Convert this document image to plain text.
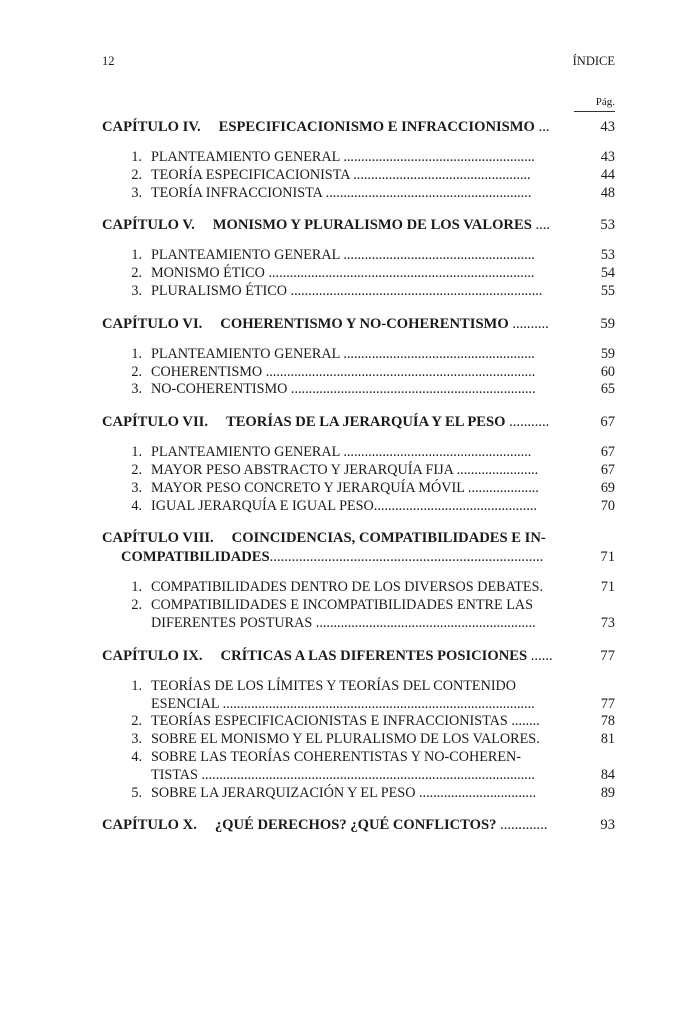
12	ÍNDICE
Pág.
CAPÍTULO IV. ESPECIFICACIONISMO E INFRACCIONISMO ...	43
1. PLANTEAMIENTO GENERAL ......................................................	43
2. TEORÍA ESPECIFICACIONISTA ..................................................	44
3. TEORÍA INFRACCIONISTA ..........................................................	48
CAPÍTULO V. MONISMO Y PLURALISMO DE LOS VALORES ....	53
1. PLANTEAMIENTO GENERAL ......................................................	53
2. MONISMO ÉTICO ...........................................................................	54
3. PLURALISMO ÉTICO .......................................................................	55
CAPÍTULO VI. COHERENTISMO Y NO-COHERENTISMO ..........	59
1. PLANTEAMIENTO GENERAL ......................................................	59
2. COHERENTISMO ............................................................................	60
3. NO-COHERENTISMO .....................................................................	65
CAPÍTULO VII. TEORÍAS DE LA JERARQUÍA Y EL PESO ...........	67
1. PLANTEAMIENTO GENERAL .....................................................	67
2. MAYOR PESO ABSTRACTO Y JERARQUÍA FIJA .......................	67
3. MAYOR PESO CONCRETO Y JERARQUÍA MÓVIL ....................	69
4. IGUAL JERARQUÍA E IGUAL PESO..............................................	70
CAPÍTULO VIII. COINCIDENCIAS, COMPATIBILIDADES E IN-
COMPATIBILIDADES...........................................................................	71
1. COMPATIBILIDADES DENTRO DE LOS DIVERSOS DEBATES.	71
2. COMPATIBILIDADES E INCOMPATIBILIDADES ENTRE LAS
DIFERENTES POSTURAS ..............................................................	73
CAPÍTULO IX. CRÍTICAS A LAS DIFERENTES POSICIONES ......	77
1. TEORÍAS DE LOS LÍMITES Y TEORÍAS DEL CONTENIDO
ESENCIAL ........................................................................................	77
2. TEORÍAS ESPECIFICACIONISTAS E INFRACCIONISTAS ........	78
3. SOBRE EL MONISMO Y EL PLURALISMO DE LOS VALORES.	81
4. SOBRE LAS TEORÍAS COHERENTISTAS Y NO-COHEREN-
TISTAS ..............................................................................................	84
5. SOBRE LA JERARQUIZACIÓN Y EL PESO .................................	89
CAPÍTULO X. ¿QUÉ DERECHOS? ¿QUÉ CONFLICTOS? .............	93
